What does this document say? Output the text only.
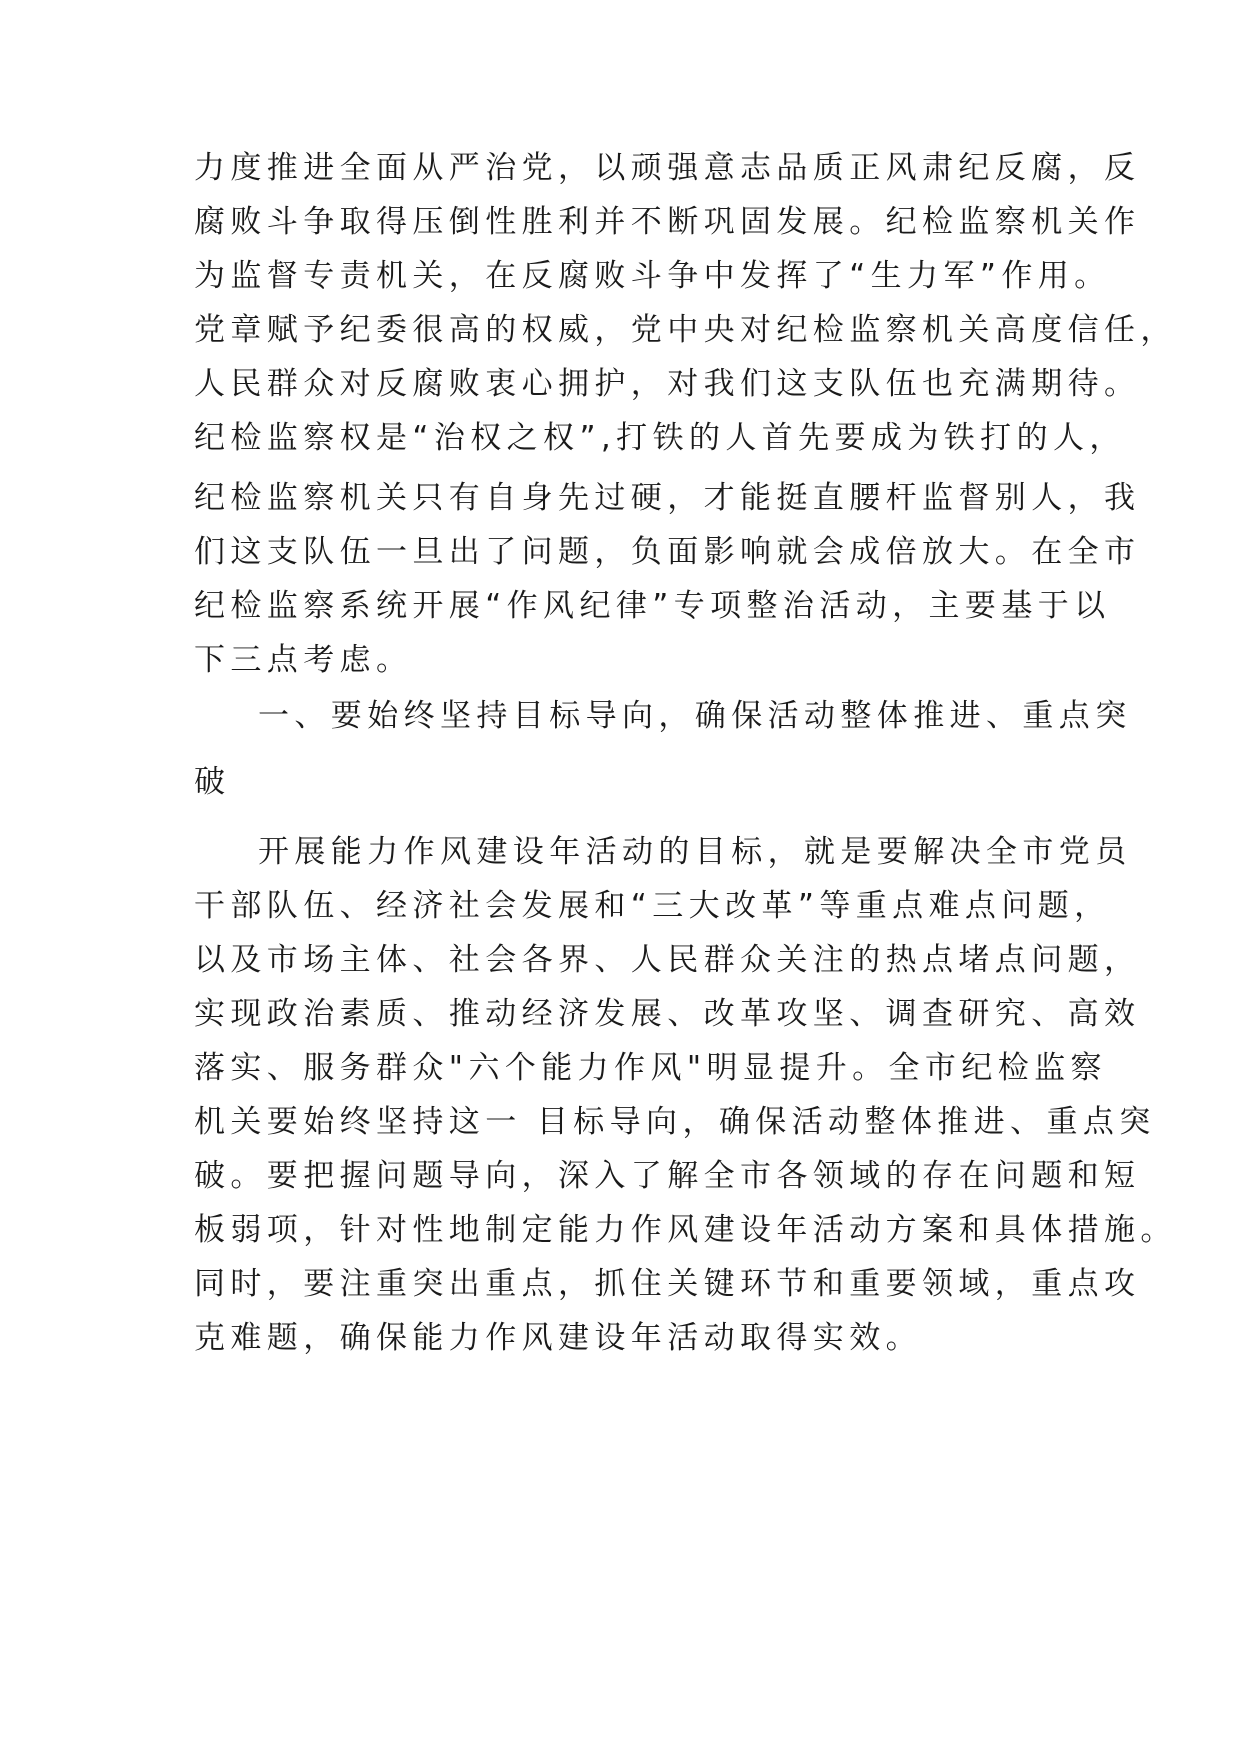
力度推进全面从严治党，以顽强意志品质正风肃纪反腐，反
腐败斗争取得压倒性胜利并不断巩固发展。纪检监察机关作
为监督专责机关，在反腐败斗争中发挥了“生力军”作用。
党章赋予纪委很高的权威，党中央对纪检监察机关高度信任，
人民群众对反腐败衷心拥护，对我们这支队伍也充满期待。
纪检监察权是“治权之权”,打铁的人首先要成为铁打的人，
纪检监察机关只有自身先过硬，才能挺直腰杆监督别人，我
们这支队伍一旦出了问题，负面影响就会成倍放大。在全市
纪检监察系统开展“作风纪律”专项整治活动，主要基于以
下三点考虑。
一、要始终坚持目标导向，确保活动整体推进、重点突
破
开展能力作风建设年活动的目标，就是要解决全市党员
干部队伍、经济社会发展和“三大改革”等重点难点问题，
以及市场主体、社会各界、人民群众关注的热点堵点问题，
实现政治素质、推动经济发展、改革攻坚、调查研究、高效
落实、服务群众"六个能力作风"明显提升。全市纪检监察
机关要始终坚持这一 目标导向，确保活动整体推进、重点突
破。要把握问题导向，深入了解全市各领域的存在问题和短
板弱项，针对性地制定能力作风建设年活动方案和具体措施。
同时，要注重突出重点，抓住关键环节和重要领域，重点攻
克难题，确保能力作风建设年活动取得实效。
